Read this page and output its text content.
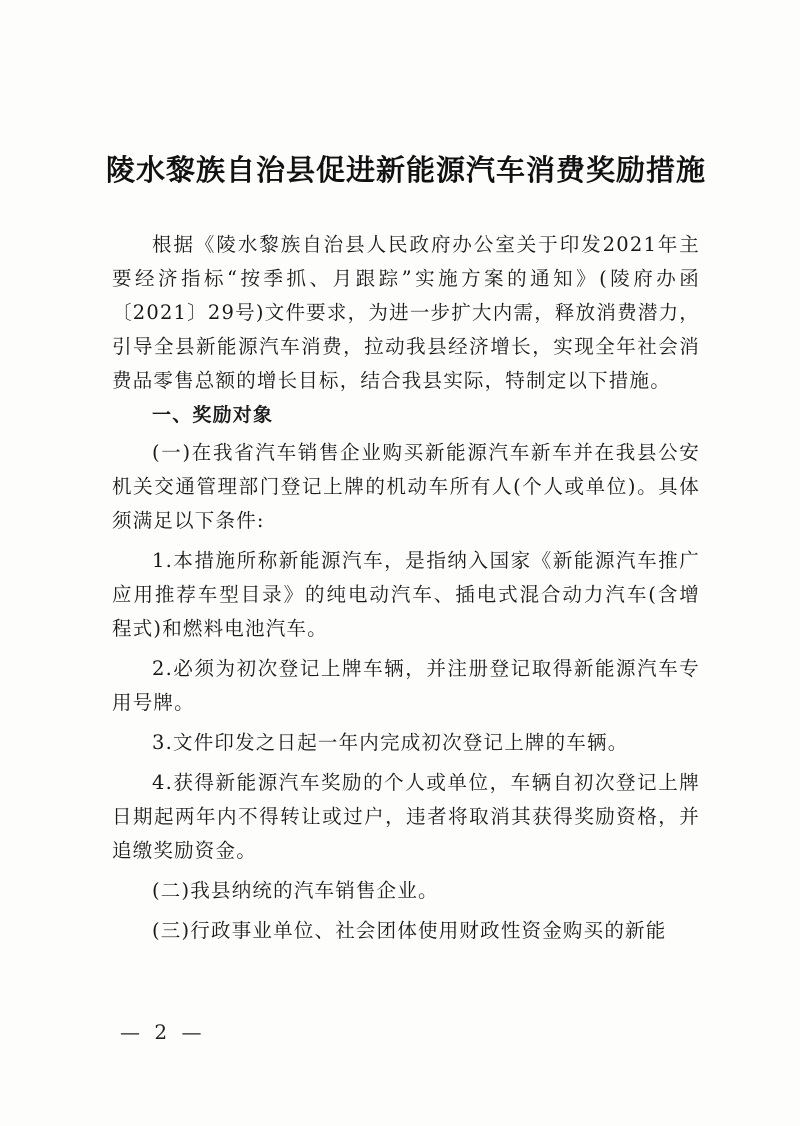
陵水黎族自治县促进新能源汽车消费奖励措施

根据《陵水黎族自治县人民政府办公室关于印发2021年主要经济指标“按季抓、月跟踪”实施方案的通知》(陵府办函〔2021〕29号)文件要求，为进一步扩大内需，释放消费潜力，引导全县新能源汽车消费，拉动我县经济增长，实现全年社会消费品零售总额的增长目标，结合我县实际，特制定以下措施。

一、奖励对象

(一)在我省汽车销售企业购买新能源汽车新车并在我县公安机关交通管理部门登记上牌的机动车所有人(个人或单位)。具体须满足以下条件:

1.本措施所称新能源汽车，是指纳入国家《新能源汽车推广应用推荐车型目录》的纯电动汽车、插电式混合动力汽车(含增程式)和燃料电池汽车。

2.必须为初次登记上牌车辆，并注册登记取得新能源汽车专用号牌。

3.文件印发之日起一年内完成初次登记上牌的车辆。

4.获得新能源汽车奖励的个人或单位，车辆自初次登记上牌日期起两年内不得转让或过户，违者将取消其获得奖励资格，并追缴奖励资金。

(二)我县纳统的汽车销售企业。

(三)行政事业单位、社会团体使用财政性资金购买的新能

— 2 —
